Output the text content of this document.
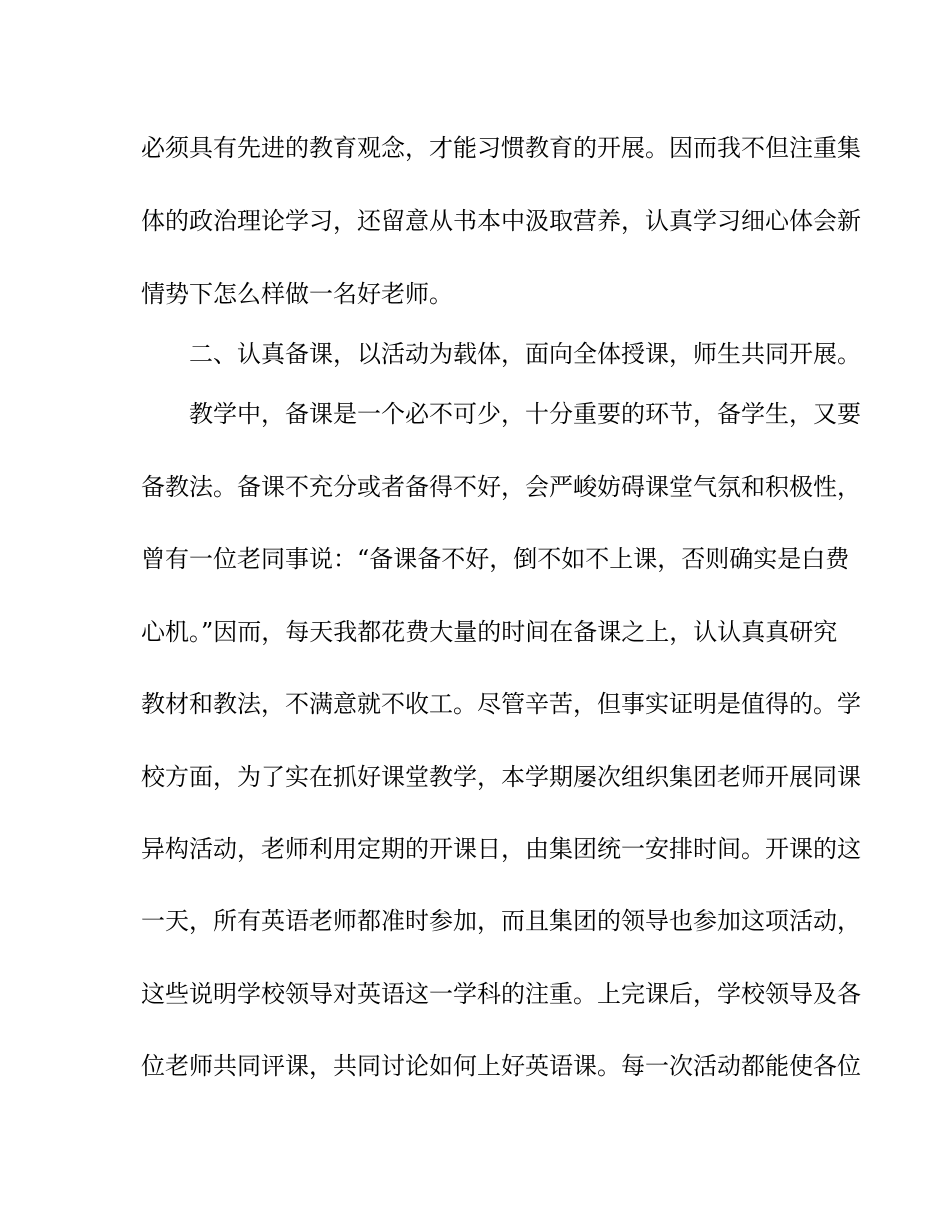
必须具有先进的教育观念，才能习惯教育的开展。因而我不但注重集
体的政治理论学习，还留意从书本中汲取营养，认真学习细心体会新
情势下怎么样做一名好老师。
二、认真备课，以活动为载体，面向全体授课，师生共同开展。
教学中，备课是一个必不可少，十分重要的环节，备学生，又要
备教法。备课不充分或者备得不好，会严峻妨碍课堂气氛和积极性，
曾有一位老同事说：“备课备不好，倒不如不上课，否则确实是白费
心机。”因而，每天我都花费大量的时间在备课之上，认认真真研究
教材和教法，不满意就不收工。尽管辛苦，但事实证明是值得的。学
校方面，为了实在抓好课堂教学，本学期屡次组织集团老师开展同课
异构活动，老师利用定期的开课日，由集团统一安排时间。开课的这
一天，所有英语老师都准时参加，而且集团的领导也参加这项活动，
这些说明学校领导对英语这一学科的注重。上完课后，学校领导及各
位老师共同评课，共同讨论如何上好英语课。每一次活动都能使各位
